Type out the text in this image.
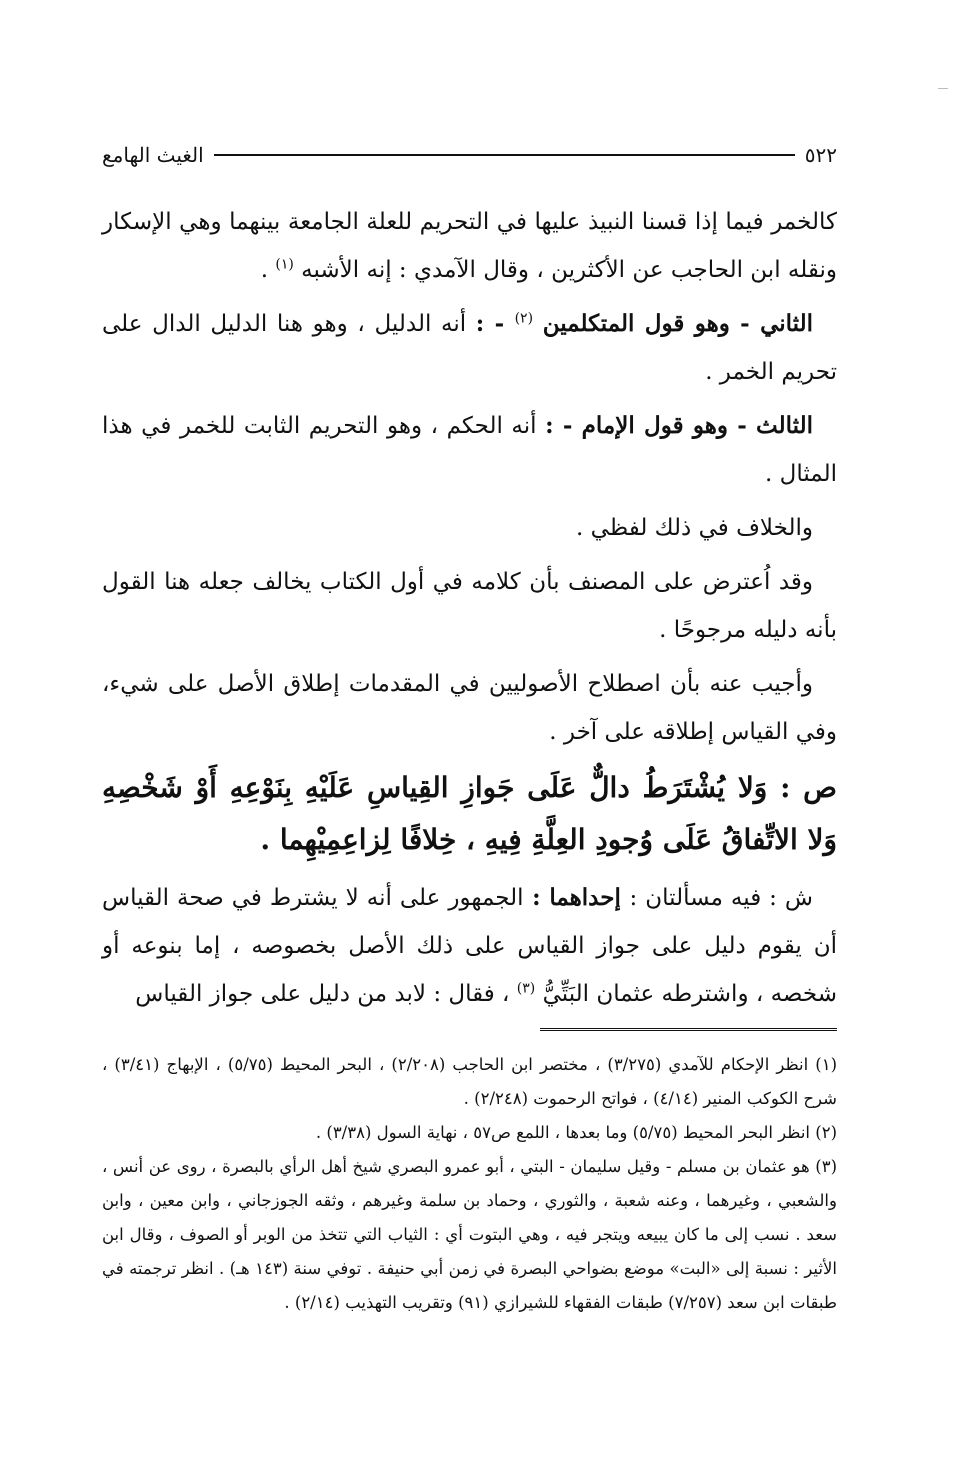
٥٢٢
الغيث الهامع

كالخمر فيما إذا قسنا النبيذ عليها في التحريم للعلة الجامعة بينهما وهي الإسكار ونقله ابن الحاجب عن الأكثرين ، وقال الآمدي : إنه الأشبه $^{(١)}$ .

الثاني - وهو قول المتكلمين $^{(٢)}$ - : أنه الدليل ، وهو هنا الدليل الدال على تحريم الخمر .

الثالث - وهو قول الإمام - : أنه الحكم ، وهو التحريم الثابت للخمر في هذا المثال .

والخلاف في ذلك لفظي .

وقد اُعترض على المصنف بأن كلامه في أول الكتاب يخالف جعله هنا القول بأنه دليله مرجوحًا .

وأجيب عنه بأن اصطلاح الأصوليين في المقدمات إطلاق الأصل على شيء، وفي القياس إطلاقه على آخر .

ص : وَلا يُشْتَرَطُ دالٌّ عَلَى جَوازِ القِياسِ عَلَيْهِ بِنَوْعِهِ أَوْ شَخْصِهِ وَلا الاتِّفاقُ عَلَى وُجودِ العِلَّةِ فِيهِ ، خِلافًا لِزاعِمِيْهِما .

ش : فيه مسألتان : إحداهما : الجمهور على أنه لا يشترط في صحة القياس أن يقوم دليل على جواز القياس على ذلك الأصل بخصوصه ، إما بنوعه أو شخصه ، واشترطه عثمان البَتِّيُّ $^{(٣)}$ ، فقال : لابد من دليل على جواز القياس

(١) انظر الإحكام للآمدي (٣/٢٧٥) ، مختصر ابن الحاجب (٢/٢٠٨) ، البحر المحيط (٥/٧٥) ، الإبهاج (٣/٤١) ، شرح الكوكب المنير (٤/١٤) ، فواتح الرحموت (٢/٢٤٨) .

(٢) انظر البحر المحيط (٥/٧٥) وما بعدها ، اللمع ص٥٧ ، نهاية السول (٣/٣٨) .

(٣) هو عثمان بن مسلم - وقيل سليمان - البتي ، أبو عمرو البصري شيخ أهل الرأي بالبصرة ، روى عن أنس ، والشعبي ، وغيرهما ، وعنه شعبة ، والثوري ، وحماد بن سلمة وغيرهم ، وثقه الجوزجاني ، وابن معين ، وابن سعد . نسب إلى ما كان يبيعه ويتجر فيه ، وهي البتوت أي : الثياب التي تتخذ من الوبر أو الصوف ، وقال ابن الأثير : نسبة إلى «البت» موضع بضواحي البصرة في زمن أبي حنيفة . توفي سنة (١٤٣ هـ) . انظر ترجمته في طبقات ابن سعد (٧/٢٥٧) طبقات الفقهاء للشيرازي (٩١) وتقريب التهذيب (٢/١٤) .
